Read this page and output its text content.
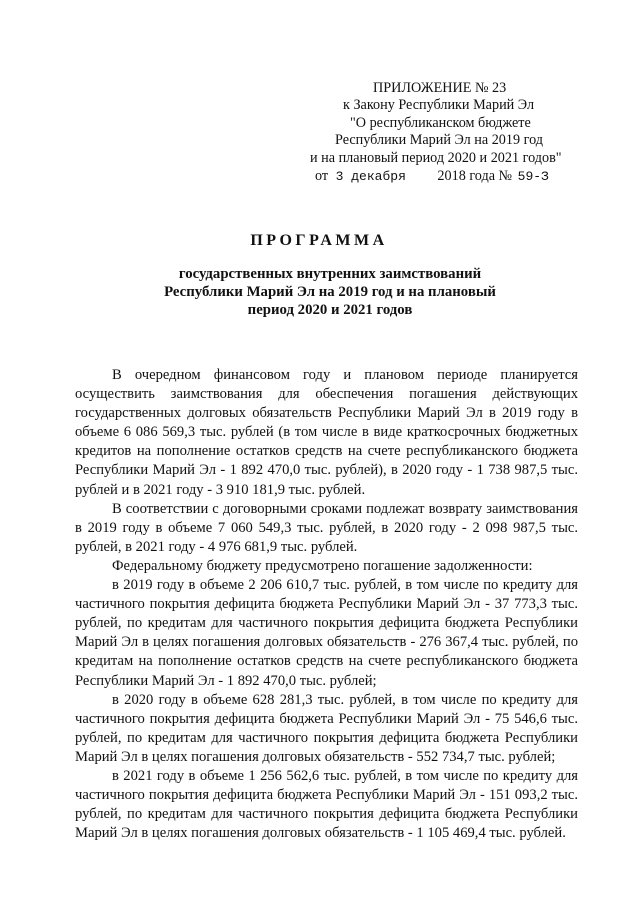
ПРИЛОЖЕНИЕ № 23
к Закону Республики Марий Эл
"О республиканском бюджете
Республики Марий Эл на 2019 год
и на плановый период 2020 и 2021 годов"
от 3 декабря 2018 года № 59-З
ПРОГРАММА
государственных внутренних заимствований Республики Марий Эл на 2019 год и на плановый период 2020 и 2021 годов

В очередном финансовом году и плановом периоде планируется осуществить заимствования для обеспечения погашения действующих государственных долговых обязательств Республики Марий Эл в 2019 году в объеме 6 086 569,3 тыс. рублей (в том числе в виде краткосрочных бюджетных кредитов на пополнение остатков средств на счете республиканского бюджета Республики Марий Эл - 1 892 470,0 тыс. рублей), в 2020 году - 1 738 987,5 тыс. рублей и в 2021 году - 3 910 181,9 тыс. рублей.

В соответствии с договорными сроками подлежат возврату заимствования в 2019 году в объеме 7 060 549,3 тыс. рублей, в 2020 году - 2 098 987,5 тыс. рублей, в 2021 году - 4 976 681,9 тыс. рублей.

Федеральному бюджету предусмотрено погашение задолженности:

в 2019 году в объеме 2 206 610,7 тыс. рублей, в том числе по кредиту для частичного покрытия дефицита бюджета Республики Марий Эл - 37 773,3 тыс. рублей, по кредитам для частичного покрытия дефицита бюджета Республики Марий Эл в целях погашения долговых обязательств - 276 367,4 тыс. рублей, по кредитам на пополнение остатков средств на счете республиканского бюджета Республики Марий Эл - 1 892 470,0 тыс. рублей;

в 2020 году в объеме 628 281,3 тыс. рублей, в том числе по кредиту для частичного покрытия дефицита бюджета Республики Марий Эл - 75 546,6 тыс. рублей, по кредитам для частичного покрытия дефицита бюджета Республики Марий Эл в целях погашения долговых обязательств - 552 734,7 тыс. рублей;

в 2021 году в объеме 1 256 562,6 тыс. рублей, в том числе по кредиту для частичного покрытия дефицита бюджета Республики Марий Эл - 151 093,2 тыс. рублей, по кредитам для частичного покрытия дефицита бюджета Республики Марий Эл в целях погашения долговых обязательств - 1 105 469,4 тыс. рублей.
